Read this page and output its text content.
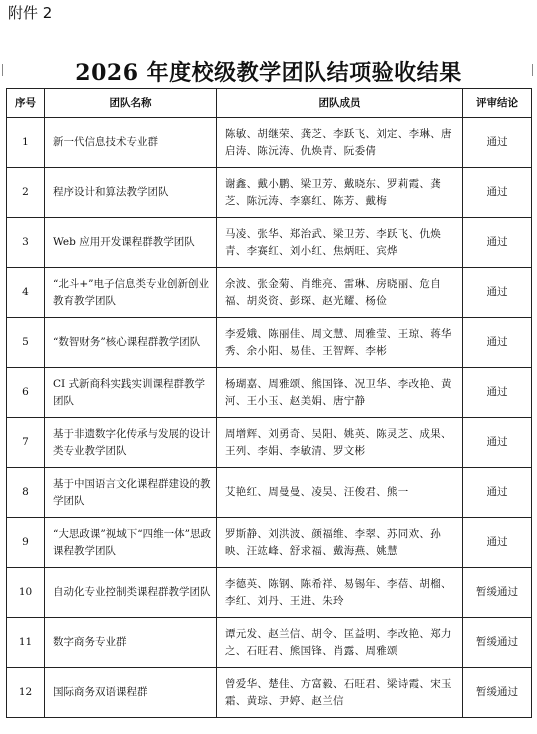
附件 2
2026 年度校级教学团队结项验收结果
序号	团队名称	团队成员	评审结论
1	新一代信息技术专业群	陈敏、胡继荣、龚芝、李跃飞、刘定、李琳、唐启涛、陈沅涛、仇焕青、阮委倩	通过
2	程序设计和算法教学团队	谢鑫、戴小鹏、梁卫芳、戴晓东、罗莉霞、龚芝、陈沅涛、李寨红、陈芳、戴梅	通过
3	Web 应用开发课程群教学团队	马凌、张华、郑治武、梁卫芳、李跃飞、仇焕青、李赛红、刘小红、焦炳旺、宾烨	通过
4	“北斗+”电子信息类专业创新创业教育教学团队	余波、张金菊、肖维亮、雷琳、房晓丽、危自福、胡炎资、彭琛、赵光耀、杨俭	通过
5	“数智财务”核心课程群教学团队	李爱娥、陈丽佳、周文慧、周雅莹、王琼、蒋华秀、余小阳、易佳、王智辉、李彬	通过
6	CI 式新商科实践实训课程群教学团队	杨瑚嘉、周雅颂、熊国锋、况卫华、李改艳、黄河、王小玉、赵美娟、唐宁静	通过
7	基于非遗数字化传承与发展的设计类专业教学团队	周增辉、刘勇奇、吴阳、姚英、陈灵芝、成果、王列、李娟、李敏清、罗文彬	通过
8	基于中国语言文化课程群建设的教学团队	艾艳红、周曼曼、凌昊、汪俊君、熊一	通过
9	“大思政课”视域下“四维一体”思政课程教学团队	罗斯静、刘洪波、颜福维、李翠、苏同欢、孙映、汪竑峰、舒求福、戴海燕、姚慧	通过
10	自动化专业控制类课程群教学团队	李德英、陈钢、陈希祥、易锡年、李蓓、胡榴、李红、刘丹、王进、朱玲	暂缓通过
11	数字商务专业群	谭元发、赵兰信、胡令、匡益明、李改艳、郑力之、石旺君、熊国锋、肖露、周雅颂	暂缓通过
12	国际商务双语课程群	曾爱华、楚佳、方富毅、石旺君、梁诗霞、宋玉霜、黄琮、尹婷、赵兰信	暂缓通过
